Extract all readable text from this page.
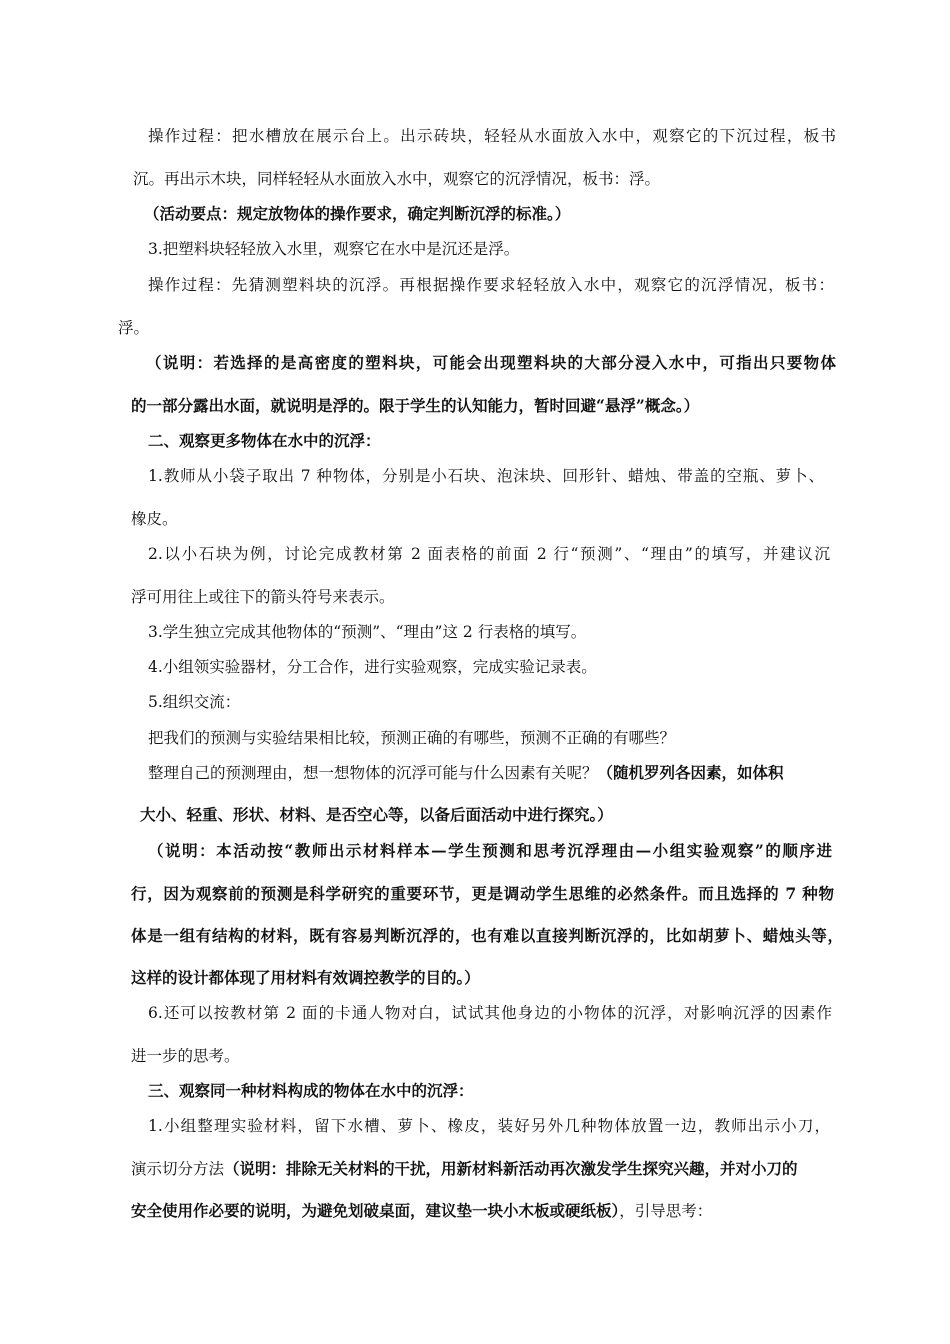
操作过程：把水槽放在展示台上。出示砖块，轻轻从水面放入水中，观察它的下沉过程，板书
沉。再出示木块，同样轻轻从水面放入水中，观察它的沉浮情况，板书：浮。
（活动要点：规定放物体的操作要求，确定判断沉浮的标准。）
3.把塑料块轻轻放入水里，观察它在水中是沉还是浮。
操作过程：先猜测塑料块的沉浮。再根据操作要求轻轻放入水中，观察它的沉浮情况，板书：
浮。
（说明：若选择的是高密度的塑料块，可能会出现塑料块的大部分浸入水中，可指出只要物体
的一部分露出水面，就说明是浮的。限于学生的认知能力，暂时回避“悬浮”概念。）
二、观察更多物体在水中的沉浮：
1.教师从小袋子取出 7 种物体，分别是小石块、泡沫块、回形针、蜡烛、带盖的空瓶、萝卜、
橡皮。
2.以小石块为例，讨论完成教材第 2 面表格的前面 2 行“预测”、“理由”的填写，并建议沉
浮可用往上或往下的箭头符号来表示。
3.学生独立完成其他物体的“预测”、“理由”这 2 行表格的填写。
4.小组领实验器材，分工合作，进行实验观察，完成实验记录表。
5.组织交流：
把我们的预测与实验结果相比较，预测正确的有哪些，预测不正确的有哪些？
整理自己的预测理由，想一想物体的沉浮可能与什么因素有关呢？（随机罗列各因素，如体积
大小、轻重、形状、材料、是否空心等，以备后面活动中进行探究。）
（说明：本活动按“教师出示材料样本—学生预测和思考沉浮理由—小组实验观察”的顺序进
行，因为观察前的预测是科学研究的重要环节，更是调动学生思维的必然条件。而且选择的 7 种物
体是一组有结构的材料，既有容易判断沉浮的，也有难以直接判断沉浮的，比如胡萝卜、蜡烛头等，
这样的设计都体现了用材料有效调控教学的目的。）
6.还可以按教材第 2 面的卡通人物对白，试试其他身边的小物体的沉浮，对影响沉浮的因素作
进一步的思考。
三、观察同一种材料构成的物体在水中的沉浮：
1.小组整理实验材料，留下水槽、萝卜、橡皮，装好另外几种物体放置一边，教师出示小刀，
演示切分方法（说明：排除无关材料的干扰，用新材料新活动再次激发学生探究兴趣，并对小刀的
安全使用作必要的说明，为避免划破桌面，建议垫一块小木板或硬纸板），引导思考：
